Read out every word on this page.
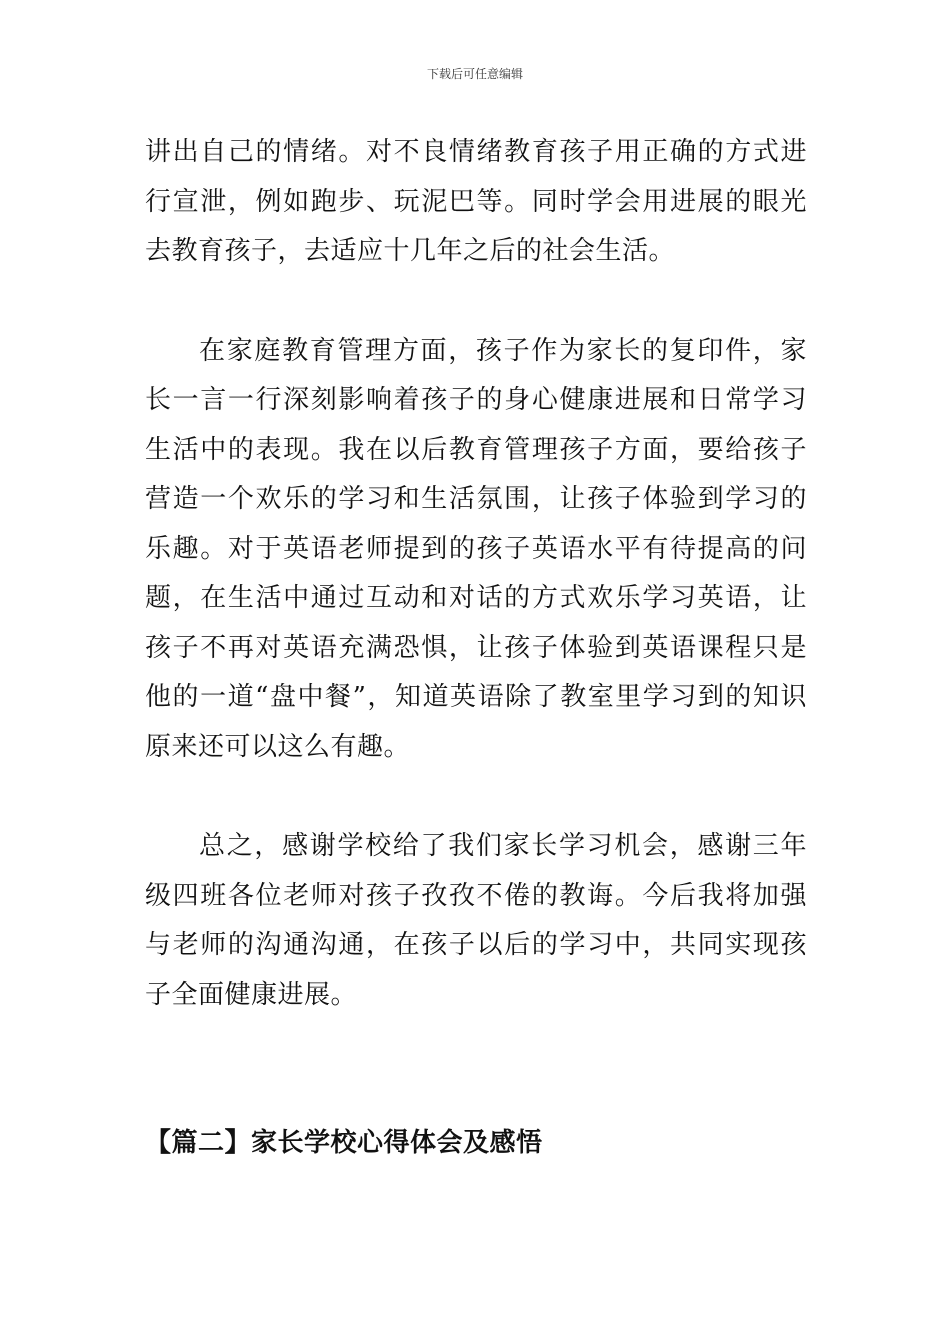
下载后可任意编辑

讲出自己的情绪。对不良情绪教育孩子用正确的方式进行宣泄，例如跑步、玩泥巴等。同时学会用进展的眼光去教育孩子，去适应十几年之后的社会生活。

在家庭教育管理方面，孩子作为家长的复印件，家长一言一行深刻影响着孩子的身心健康进展和日常学习生活中的表现。我在以后教育管理孩子方面，要给孩子营造一个欢乐的学习和生活氛围，让孩子体验到学习的乐趣。对于英语老师提到的孩子英语水平有待提高的问题，在生活中通过互动和对话的方式欢乐学习英语，让孩子不再对英语充满恐惧，让孩子体验到英语课程只是他的一道“盘中餐”，知道英语除了教室里学习到的知识原来还可以这么有趣。

总之，感谢学校给了我们家长学习机会，感谢三年级四班各位老师对孩子孜孜不倦的教诲。今后我将加强与老师的沟通沟通，在孩子以后的学习中，共同实现孩子全面健康进展。

【篇二】家长学校心得体会及感悟
